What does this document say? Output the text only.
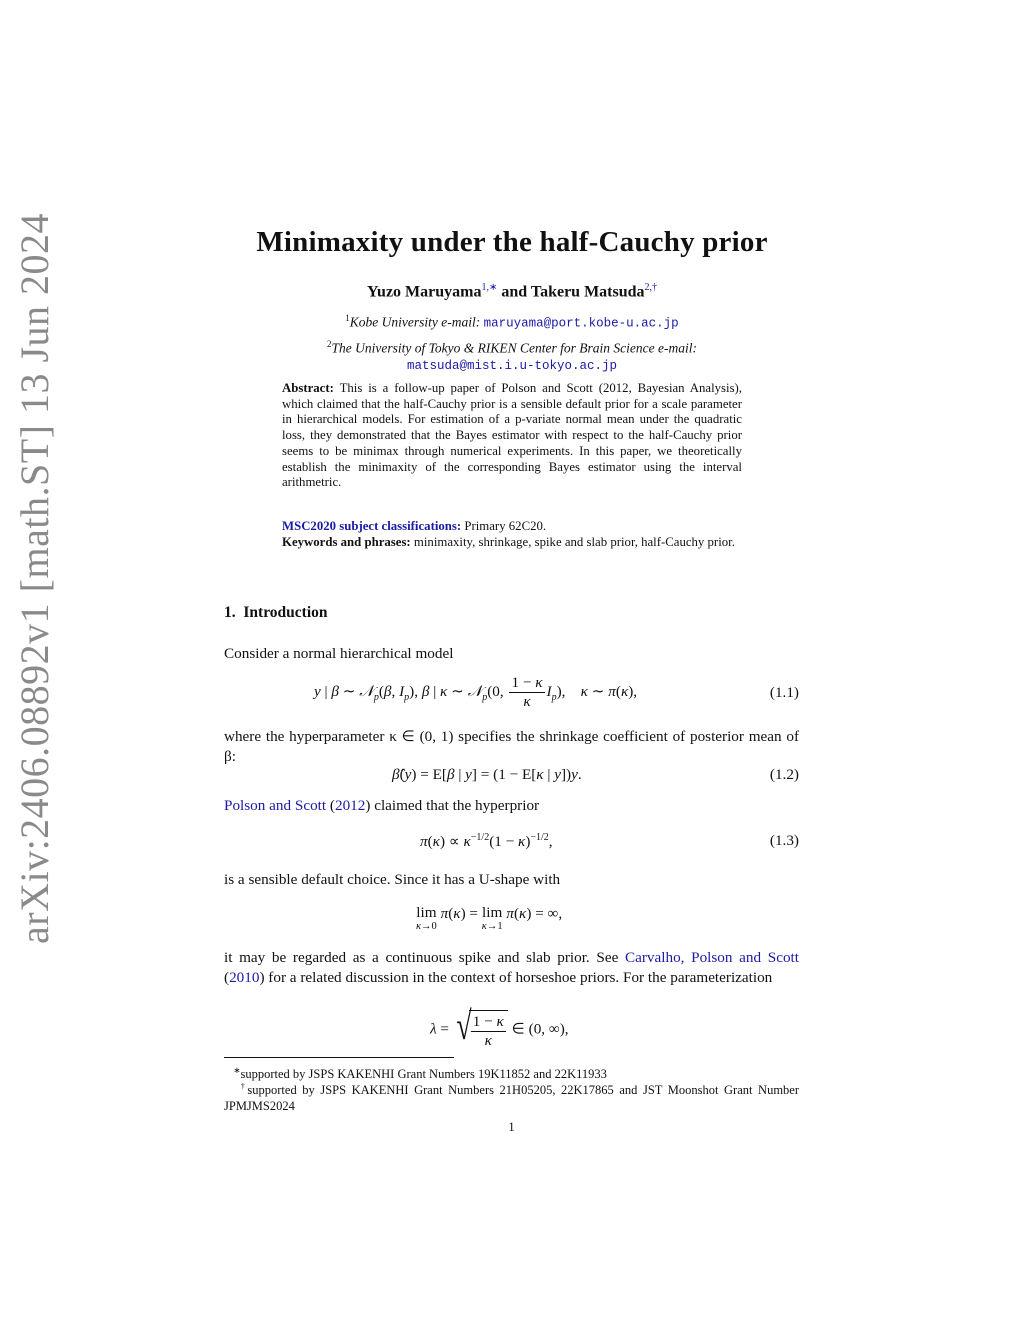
arXiv:2406.08892v1 [math.ST] 13 Jun 2024	Minimaxity under the half-Cauchy prior
Yuzo Maruyama$^{1,∗}$ and Takeru Matsuda$^{2,\dagger}$
$^1$Kobe University e-mail: maruyama@port.kobe-u.ac.jp
$^2$The University of Tokyo & RIKEN Center for Brain Science e-mail:
matsuda@mist.i.u-tokyo.ac.jp
Abstract: This is a follow-up paper of Polson and Scott (2012, Bayesian Analysis), which claimed that the half-Cauchy prior is a sensible default prior for a scale parameter in hierarchical models. For estimation of a p-variate normal mean under the quadratic loss, they demonstrated that the Bayes estimator with respect to the half-Cauchy prior seems to be minimax through numerical experiments. In this paper, we theoretically establish the minimaxity of the corresponding Bayes estimator using the interval arithmetric.
MSC2020 subject classifications: Primary 62C20.
Keywords and phrases: minimaxity, shrinkage, spike and slab prior, half-Cauchy prior.
1. Introduction
Consider a normal hierarchical model
y | β ∼ 𝒩$_p$(β, $I_p$), β | κ ∼ 𝒩$_p$(0, $\frac{1 - \kappa}{\kappa} I_p$),    κ ∼ π(κ),	(1.1)
where the hyperparameter κ ∈ (0, 1) specifies the shrinkage coefficient of posterior mean of β:
β̂(y) = E[β | y] = (1 − E[κ | y])y.	(1.2)
Polson and Scott (2012) claimed that the hyperprior
$\pi(\kappa) \propto \kappa^{-1/2}(1 - \kappa)^{-1/2}$,	(1.3)
is a sensible default choice. Since it has a U-shape with
lim
κ→0
π(κ) = lim
κ→1
π(κ) = ∞,
it may be regarded as a continuous spike and slab prior. See Carvalho, Polson and Scott (2010) for a related discussion in the context of horseshoe priors. For the parameterization
λ = √ $\frac{1 - \kappa}{\kappa}$ ∈ (0, ∞),
∗supported by JSPS KAKENHI Grant Numbers 19K11852 and 22K11933
†supported by JSPS KAKENHI Grant Numbers 21H05205, 22K17865 and JST Moonshot Grant Number JPMJMS2024
1
